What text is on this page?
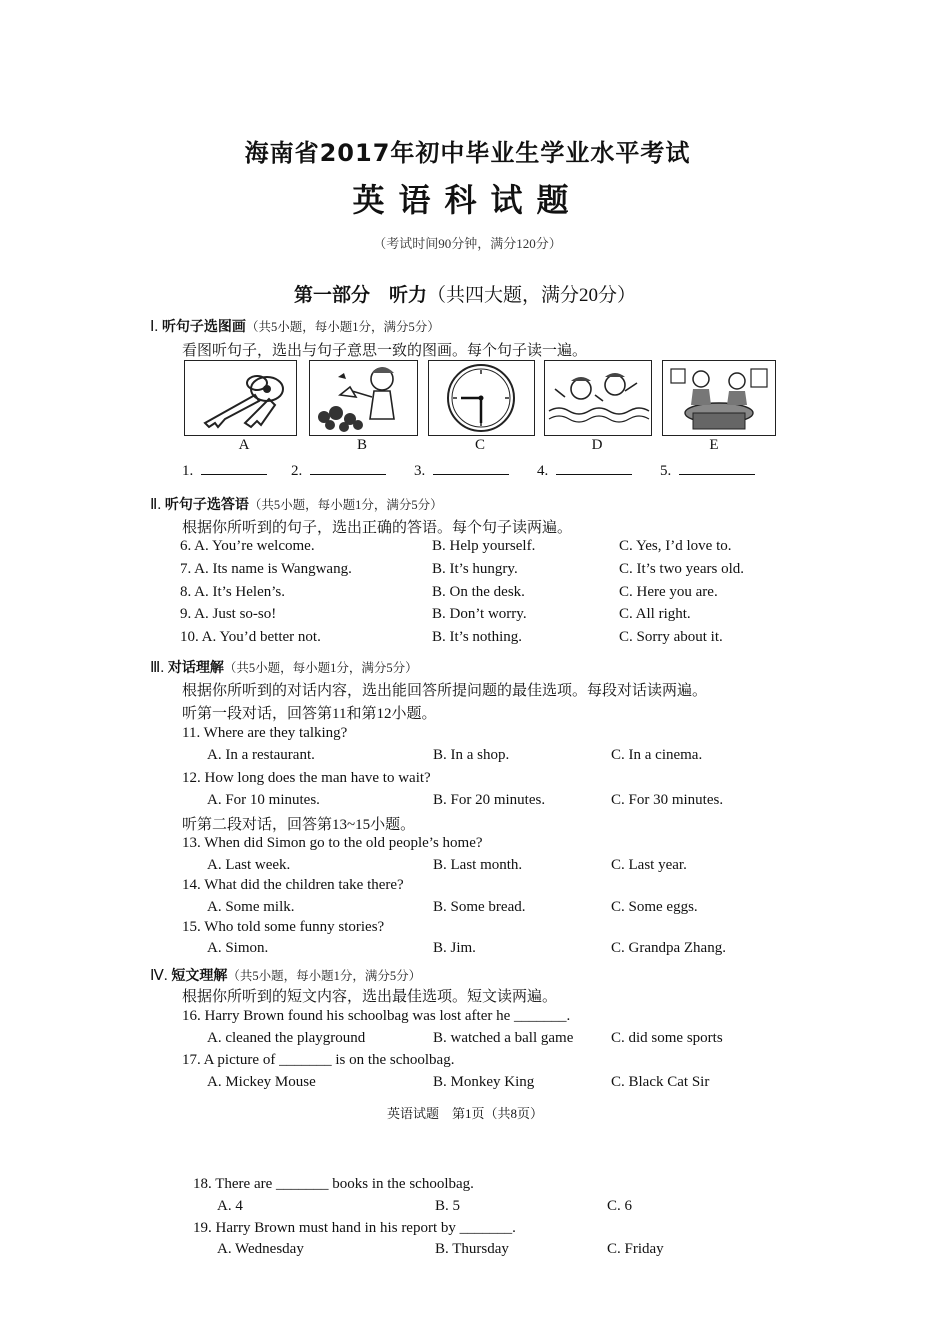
海南省2017年初中毕业生学业水平考试
英语科试题
（考试时间90分钟，满分120分）
第一部分　听力（共四大题，满分20分）
Ⅰ. 听句子选图画（共5小题，每小题1分，满分5分）
看图听句子，选出与句子意思一致的图画。每个句子读一遍。
A	B	C	D	E
1.	2.	3.	4.	5.
Ⅱ. 听句子选答语（共5小题，每小题1分，满分5分）
根据你所听到的句子，选出正确的答语。每个句子读两遍。
6. A. You’re welcome.	B. Help yourself.	C. Yes, I’d love to.
7. A. Its name is Wangwang.	B. It’s hungry.	C. It’s two years old.
8. A. It’s Helen’s.	B. On the desk.	C. Here you are.
9. A. Just so-so!	B. Don’t worry.	C. All right.
10. A. You’d better not.	B. It’s nothing.	C. Sorry about it.
Ⅲ. 对话理解（共5小题，每小题1分，满分5分）
根据你所听到的对话内容，选出能回答所提问题的最佳选项。每段对话读两遍。
听第一段对话，回答第11和第12小题。
11. Where are they talking?
A. In a restaurant.	B. In a shop.	C. In a cinema.
12. How long does the man have to wait?
A. For 10 minutes.	B. For 20 minutes.	C. For 30 minutes.
听第二段对话，回答第13~15小题。
13. When did Simon go to the old people’s home?
A. Last week.	B. Last month.	C. Last year.
14. What did the children take there?
A. Some milk.	B. Some bread.	C. Some eggs.
15. Who told some funny stories?
A. Simon.	B. Jim.	C. Grandpa Zhang.
Ⅳ. 短文理解（共5小题，每小题1分，满分5分）
根据你所听到的短文内容，选出最佳选项。短文读两遍。
16. Harry Brown found his schoolbag was lost after he _______.
A. cleaned the playground	B. watched a ball game	C. did some sports
17. A picture of _______ is on the schoolbag.
A. Mickey Mouse	B. Monkey King	C. Black Cat Sir
英语试题　第1页（共8页）
18. There are _______ books in the schoolbag.
A. 4	B. 5	C. 6
19. Harry Brown must hand in his report by _______.
A. Wednesday	B. Thursday	C. Friday
